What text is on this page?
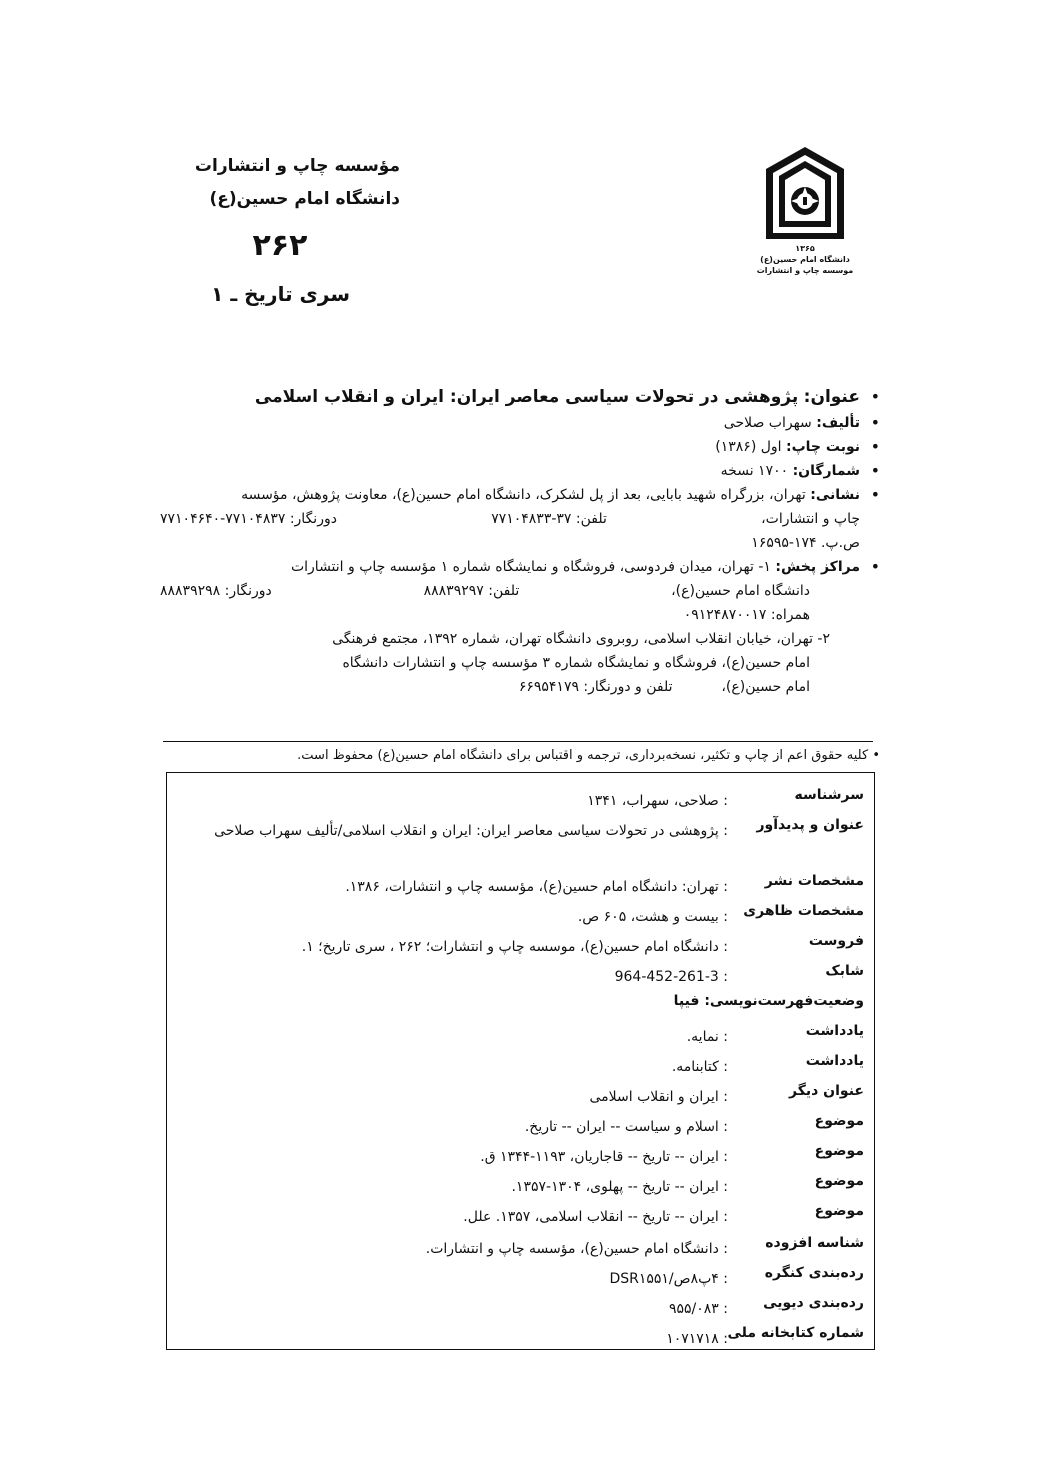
مؤسسه چاپ و انتشارات
دانشگاه امام حسین(ع)
۲۶۲
سری تاریخ ـ ۱
۱۳۶۵
دانشگاه امام حسین(ع)
موسسه چاپ و انتشارات
• عنوان: پژوهشی در تحولات سیاسی معاصر ایران: ایران و انقلاب اسلامی
• تألیف: سهراب صلاحی
• نوبت چاپ: اول (۱۳۸۶)
• شمارگان: ۱۷۰۰ نسخه
• نشانی: تهران، بزرگراه شهید بابایی، بعد از پل لشکرک، دانشگاه امام حسین(ع)، معاونت پژوهش، مؤسسه
چاپ و انتشارات،
تلفن: ۳۷-۷۷۱۰۴۸۳۳
دورنگار: ۷۷۱۰۴۸۳۷-۷۷۱۰۴۶۴۰
ص.پ. ۱۷۴-۱۶۵۹۵
• مراکز پخش: ۱- تهران، میدان فردوسی، فروشگاه و نمایشگاه شماره ۱ مؤسسه چاپ و انتشارات
دانشگاه امام حسین(ع)،
تلفن: ۸۸۸۳۹۲۹۷
دورنگار: ۸۸۸۳۹۲۹۸
همراه: ۰۹۱۲۴۸۷۰۰۱۷
۲- تهران، خیابان انقلاب اسلامی، روبروی دانشگاه تهران، شماره ۱۳۹۲، مجتمع فرهنگی
امام حسین(ع)، فروشگاه و نمایشگاه شماره ۳ مؤسسه چاپ و انتشارات دانشگاه
امام حسین(ع)،  تلفن و دورنگار: ۶۶۹۵۴۱۷۹
• کلیه حقوق اعم از چاپ و تکثیر، نسخه‌برداری، ترجمه و اقتباس برای دانشگاه امام حسین(ع) محفوظ است.
سرشناسه
: صلاحی، سهراب، ۱۳۴۱
عنوان و پدیدآور
: پژوهشی در تحولات سیاسی معاصر ایران: ایران و انقلاب اسلامی/تألیف سهراب صلاحی
مشخصات نشر
: تهران: دانشگاه امام حسین(ع)، مؤسسه چاپ و انتشارات، ۱۳۸۶.
مشخصات ظاهری
: بیست و هشت، ۶۰۵ ص.
فروست
: دانشگاه امام حسین(ع)، موسسه چاپ و انتشارات؛ ۲۶۲ ، سری تاریخ؛ ۱.
شابک
: 964-452-261-3
وضعیت‌فهرست‌نویسی: فیپا
یادداشت
: نمایه.
یادداشت
: کتابنامه.
عنوان دیگر
: ایران و انقلاب اسلامی
موضوع
: اسلام و سیاست -- ایران -- تاریخ.
موضوع
: ایران -- تاریخ -- قاجاریان، ۱۱۹۳-۱۳۴۴ ق.
موضوع
: ایران -- تاریخ -- پهلوی، ۱۳۰۴-۱۳۵۷.
موضوع
: ایران -- تاریخ -- انقلاب اسلامی، ۱۳۵۷. علل.
شناسه افزوده
: دانشگاه امام حسین(ع)، مؤسسه چاپ و انتشارات.
رده‌بندی کنگره
: ۴پ۸ص/DSR۱۵۵۱
رده‌بندی دیویی
: ۹۵۵/۰۸۳
شماره کتابخانه ملی
: ۱۰۷۱۷۱۸
